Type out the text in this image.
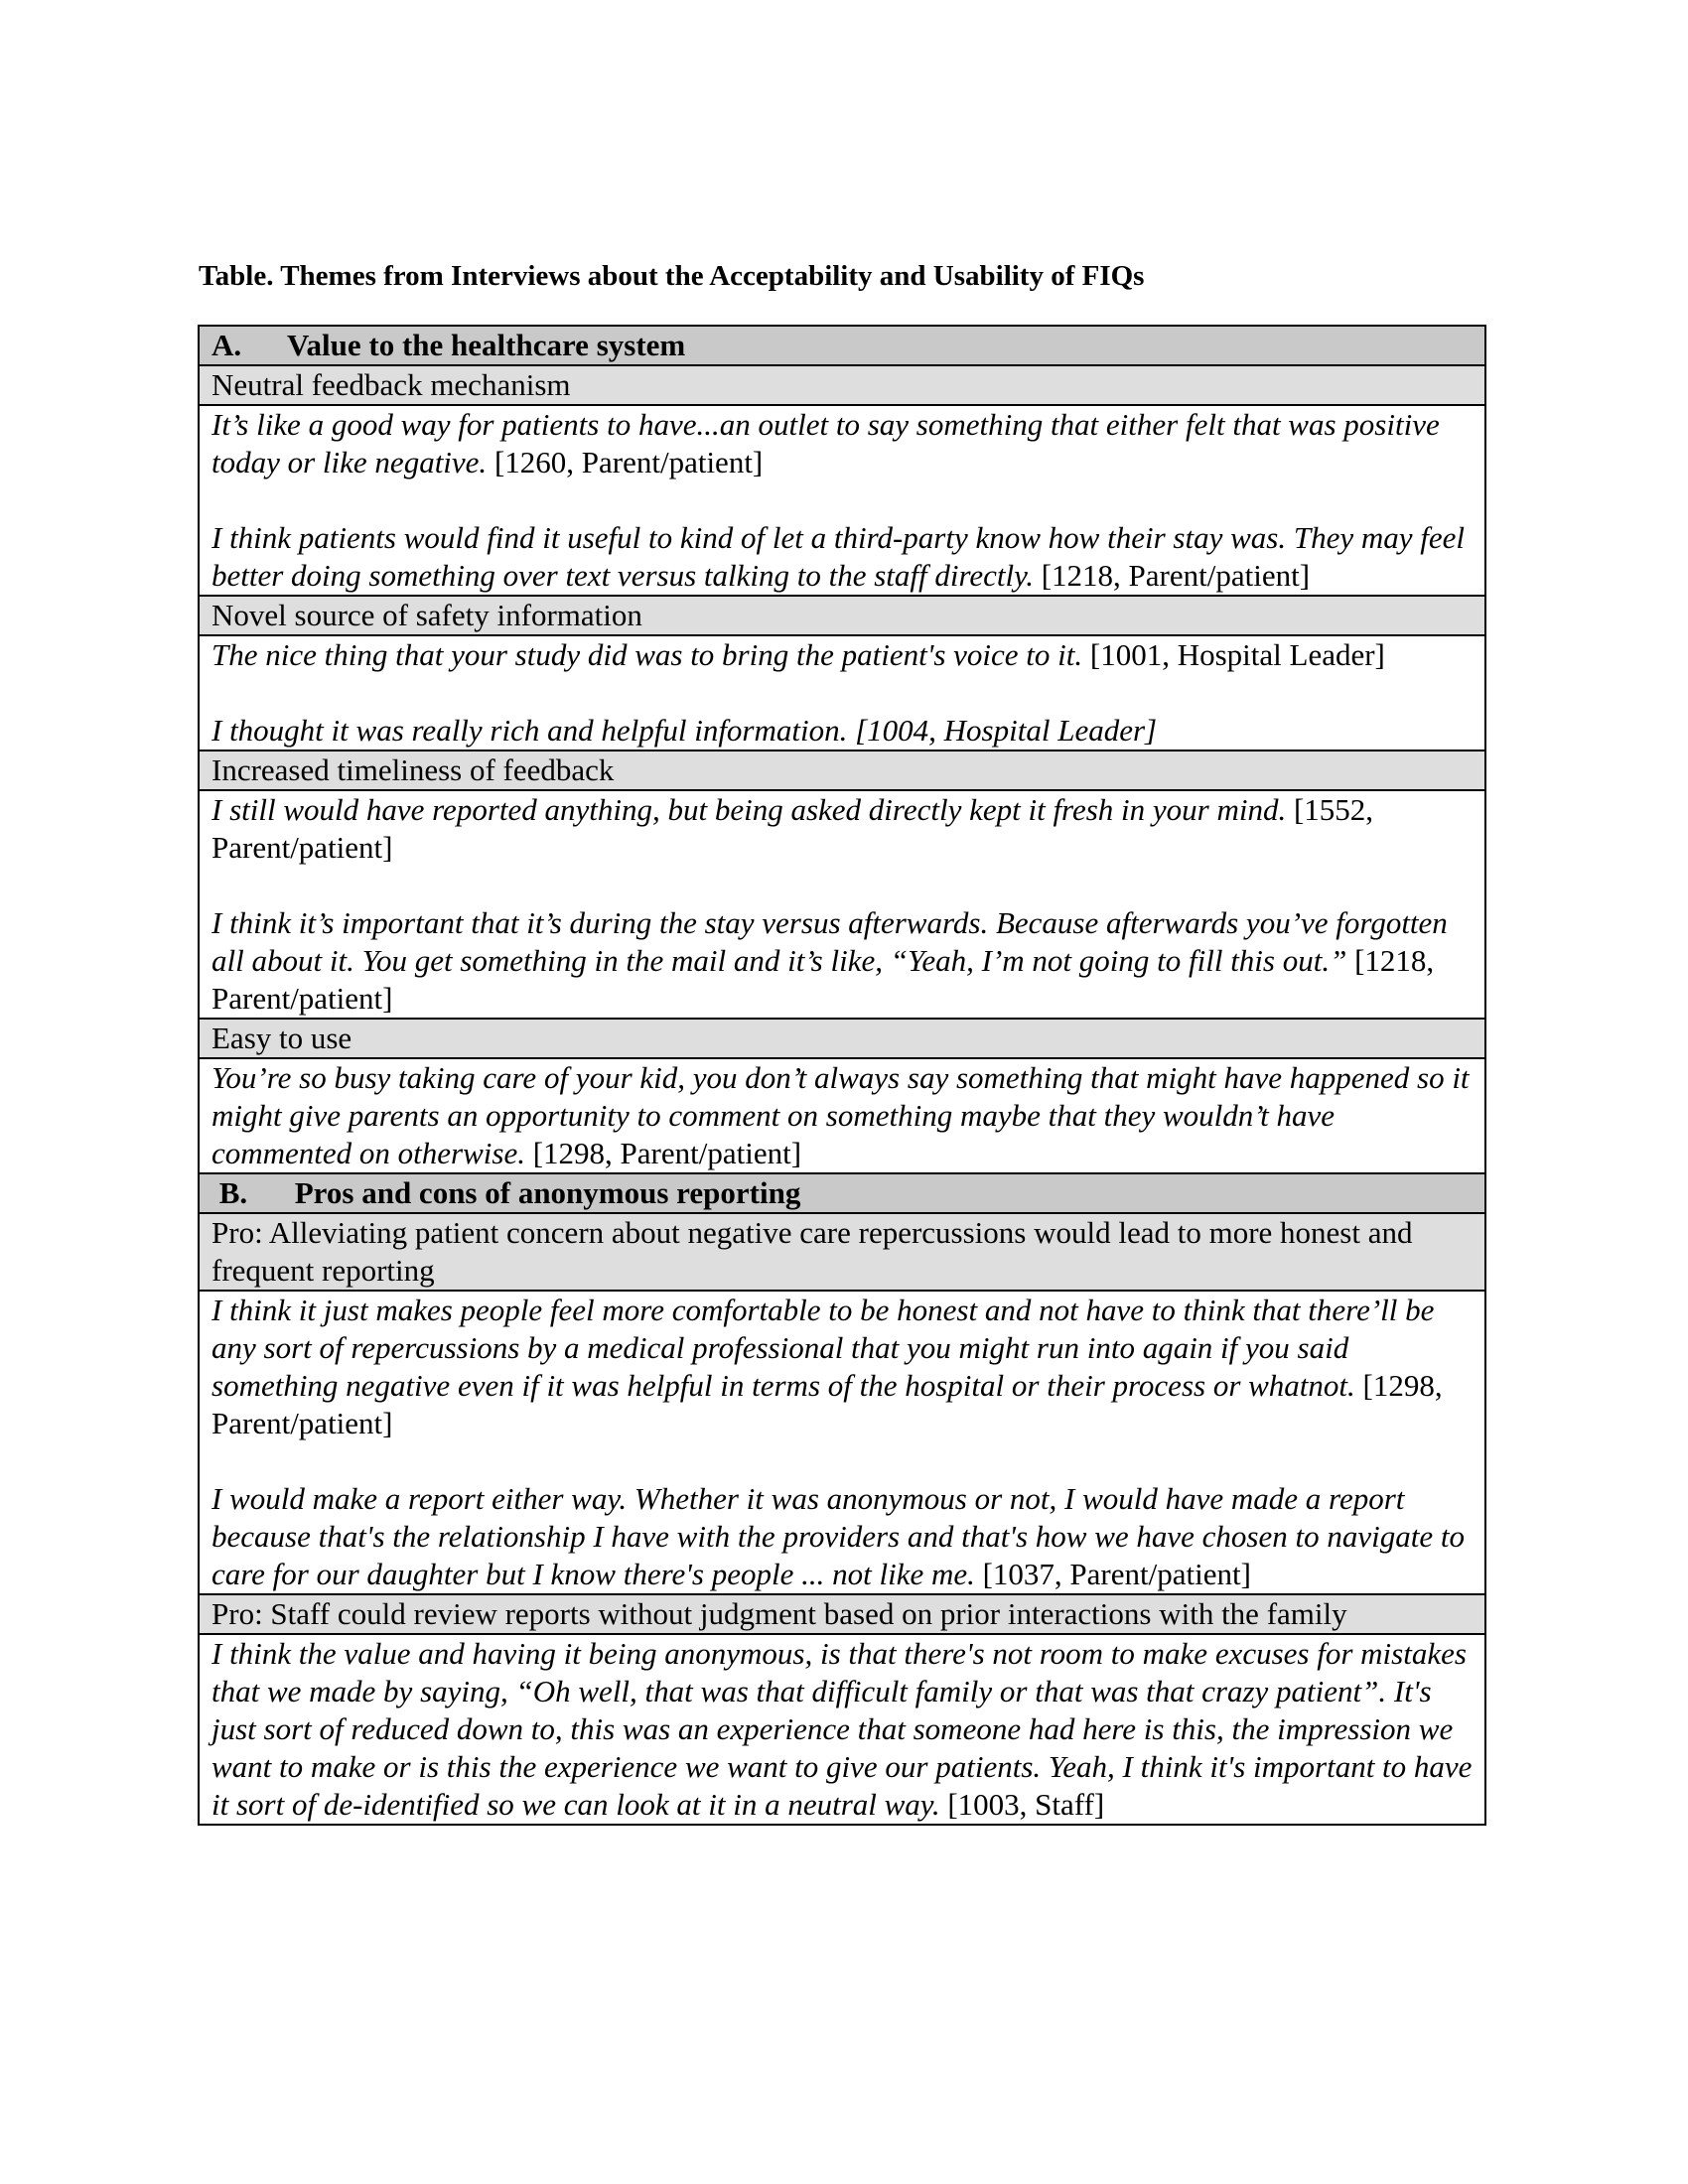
Table. Themes from Interviews about the Acceptability and Usability of FIQs
A. Value to the healthcare system
Neutral feedback mechanism

It’s like a good way for patients to have...an outlet to say something that either felt that was positive today or like negative. [1260, Parent/patient]

I think patients would find it useful to kind of let a third-party know how their stay was. They may feel better doing something over text versus talking to the staff directly. [1218, Parent/patient]

Novel source of safety information

The nice thing that your study did was to bring the patient's voice to it. [1001, Hospital Leader]

I thought it was really rich and helpful information. [1004, Hospital Leader]

Increased timeliness of feedback

I still would have reported anything, but being asked directly kept it fresh in your mind. [1552, Parent/patient]

I think it’s important that it’s during the stay versus afterwards. Because afterwards you’ve forgotten all about it. You get something in the mail and it’s like, “Yeah, I’m not going to fill this out.” [1218, Parent/patient]

Easy to use

You’re so busy taking care of your kid, you don’t always say something that might have happened so it might give parents an opportunity to comment on something maybe that they wouldn’t have commented on otherwise. [1298, Parent/patient]

B. Pros and cons of anonymous reporting
Pro: Alleviating patient concern about negative care repercussions would lead to more honest and frequent reporting

I think it just makes people feel more comfortable to be honest and not have to think that there’ll be any sort of repercussions by a medical professional that you might run into again if you said something negative even if it was helpful in terms of the hospital or their process or whatnot. [1298, Parent/patient]

I would make a report either way. Whether it was anonymous or not, I would have made a report because that's the relationship I have with the providers and that's how we have chosen to navigate to care for our daughter but I know there's people ... not like me. [1037, Parent/patient]

Pro: Staff could review reports without judgment based on prior interactions with the family

I think the value and having it being anonymous, is that there's not room to make excuses for mistakes that we made by saying, “Oh well, that was that difficult family or that was that crazy patient”. It's just sort of reduced down to, this was an experience that someone had here is this, the impression we want to make or is this the experience we want to give our patients. Yeah, I think it's important to have it sort of de-identified so we can look at it in a neutral way. [1003, Staff]
